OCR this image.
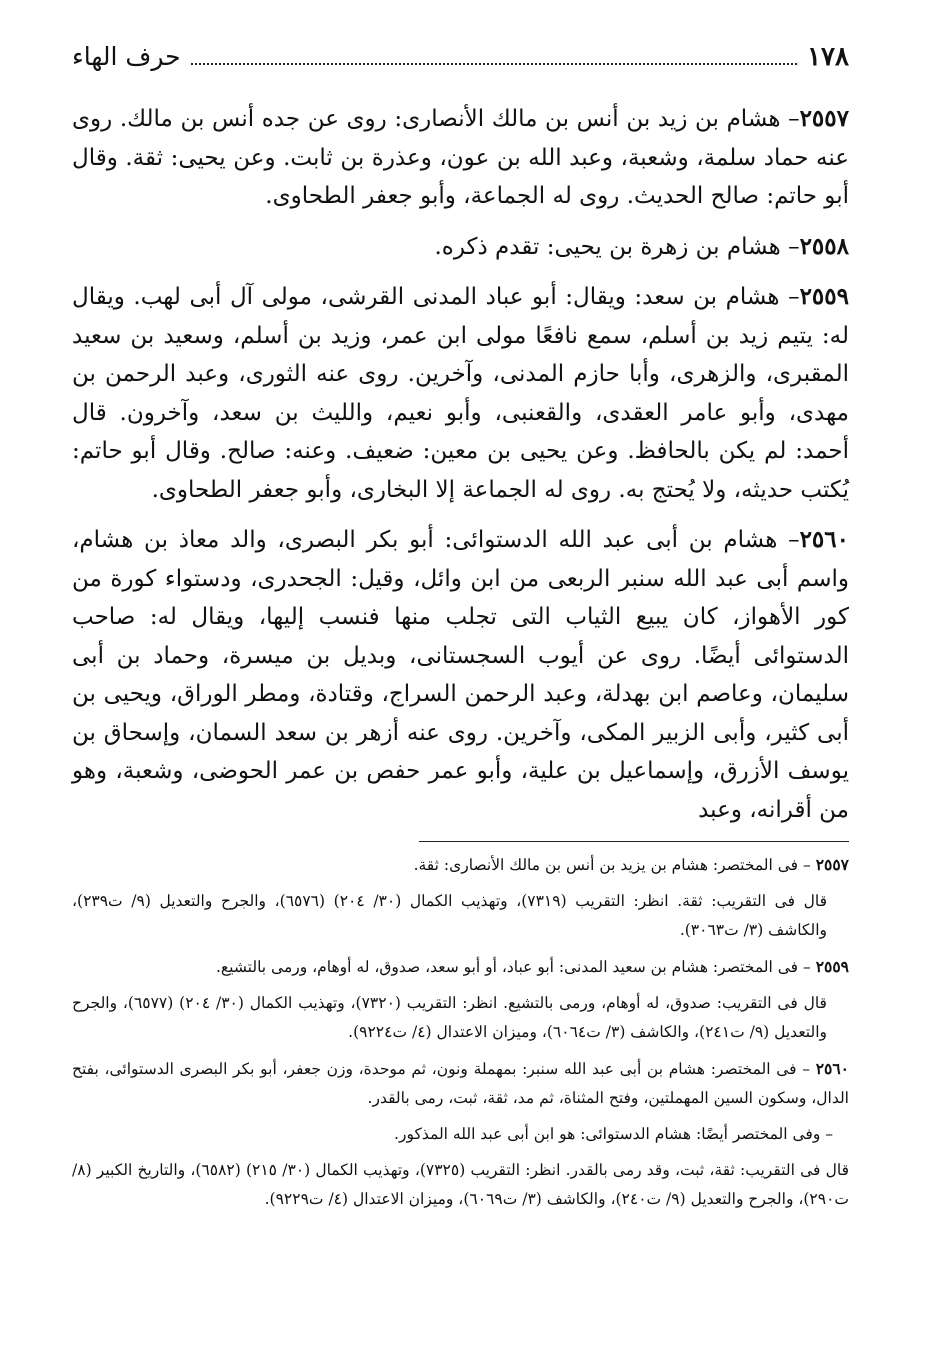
١٧٨
حرف الهاء

٢٥٥٧– هشام بن زيد بن أنس بن مالك الأنصارى: روى عن جده أنس بن مالك. روى عنه حماد سلمة، وشعبة، وعبد الله بن عون، وعذرة بن ثابت. وعن يحيى: ثقة. وقال أبو حاتم: صالح الحديث. روى له الجماعة، وأبو جعفر الطحاوى.

٢٥٥٨– هشام بن زهرة بن يحيى: تقدم ذكره.

٢٥٥٩– هشام بن سعد: ويقال: أبو عباد المدنى القرشى، مولى آل أبى لهب. ويقال له: يتيم زيد بن أسلم، سمع نافعًا مولى ابن عمر، وزيد بن أسلم، وسعيد بن سعيد المقبرى، والزهرى، وأبا حازم المدنى، وآخرين. روى عنه الثورى، وعبد الرحمن بن مهدى، وأبو عامر العقدى، والقعنبى، وأبو نعيم، والليث بن سعد، وآخرون. قال أحمد: لم يكن بالحافظ. وعن يحيى بن معين: ضعيف. وعنه: صالح. وقال أبو حاتم: يُكتب حديثه، ولا يُحتج به. روى له الجماعة إلا البخارى، وأبو جعفر الطحاوى.

٢٥٦٠– هشام بن أبى عبد الله الدستوائى: أبو بكر البصرى، والد معاذ بن هشام، واسم أبى عبد الله سنبر الربعى من ابن وائل، وقيل: الجحدرى، ودستواء كورة من كور الأهواز، كان يبيع الثياب التى تجلب منها فنسب إليها، ويقال له: صاحب الدستوائى أيضًا. روى عن أيوب السجستانى، وبديل بن ميسرة، وحماد بن أبى سليمان، وعاصم ابن بهدلة، وعبد الرحمن السراج، وقتادة، ومطر الوراق، ويحيى بن أبى كثير، وأبى الزبير المكى، وآخرين. روى عنه أزهر بن سعد السمان، وإسحاق بن يوسف الأزرق، وإسماعيل بن علية، وأبو عمر حفص بن عمر الحوضى، وشعبة، وهو من أقرانه، وعبد

٢٥٥٧ – فى المختصر: هشام بن يزيد بن أنس بن مالك الأنصارى: ثقة.

قال فى التقريب: ثقة. انظر: التقريب (٧٣١٩)، وتهذيب الكمال (٣٠/ ٢٠٤) (٦٥٧٦)، والجرح والتعديل (٩/ ت٢٣٩)، والكاشف (٣/ ت٣٠٦٣).

٢٥٥٩ – فى المختصر: هشام بن سعيد المدنى: أبو عباد، أو أبو سعد، صدوق، له أوهام، ورمى بالتشيع.

قال فى التقريب: صدوق، له أوهام، ورمى بالتشيع. انظر: التقريب (٧٣٢٠)، وتهذيب الكمال (٣٠/ ٢٠٤) (٦٥٧٧)، والجرح والتعديل (٩/ ت٢٤١)، والكاشف (٣/ ت٦٠٦٤)، وميزان الاعتدال (٤/ ت٩٢٢٤).

٢٥٦٠ – فى المختصر: هشام بن أبى عبد الله سنبر: بمهملة ونون، ثم موحدة، وزن جعفر، أبو بكر البصرى الدستوائى، بفتح الدال، وسكون السين المهملتين، وفتح المثناة، ثم مد، ثقة، ثبت، رمى بالقدر.

– وفى المختصر أيضًا: هشام الدستوائى: هو ابن أبى عبد الله المذكور.

قال فى التقريب: ثقة، ثبت، وقد رمى بالقدر. انظر: التقريب (٧٣٢٥)، وتهذيب الكمال (٣٠/ ٢١٥) (٦٥٨٢)، والتاريخ الكبير (٨/ ت٢٩٠)، والجرح والتعديل (٩/ ت٢٤٠)، والكاشف (٣/ ت٦٠٦٩)، وميزان الاعتدال (٤/ ت٩٢٢٩).
